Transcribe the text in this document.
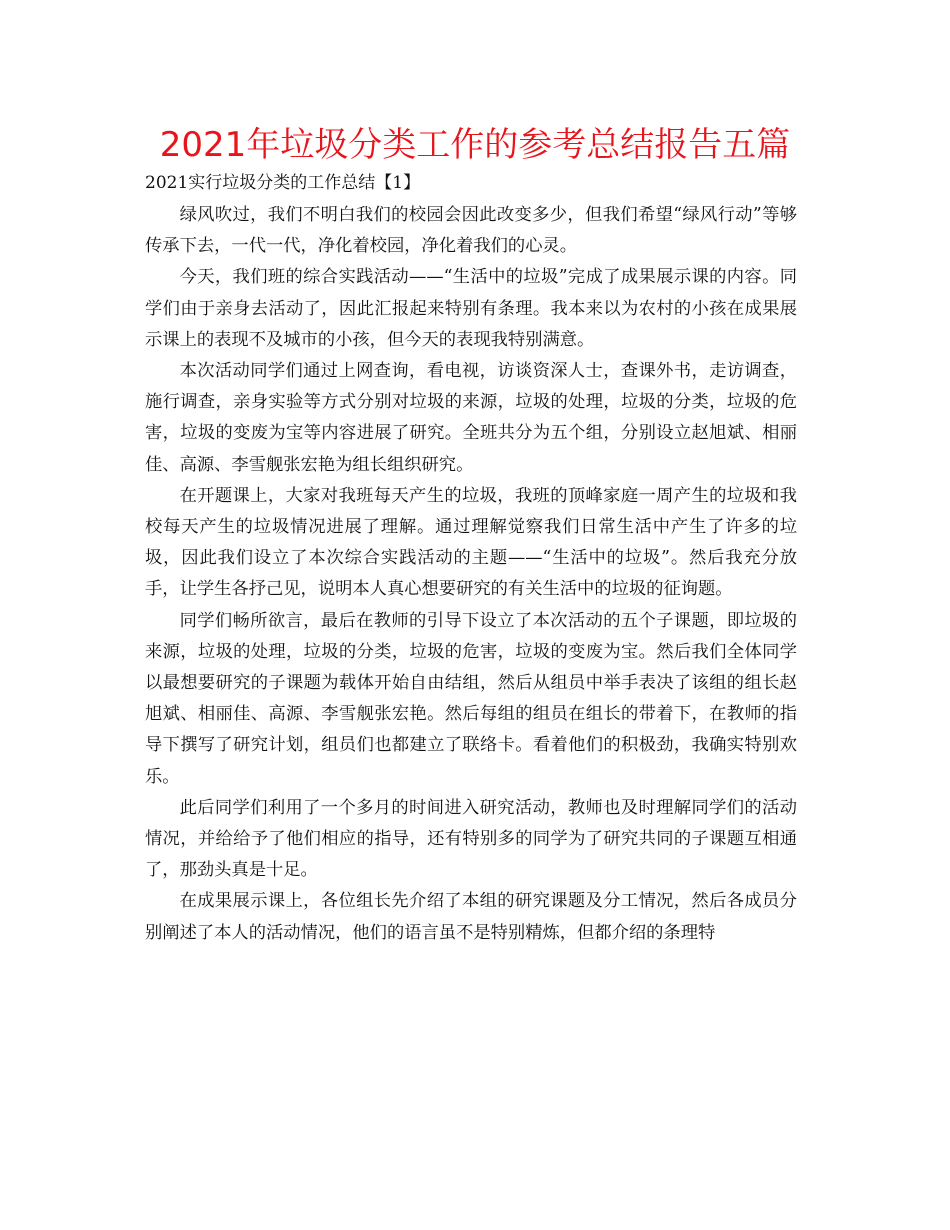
2021年垃圾分类工作的参考总结报告五篇
2021实行垃圾分类的工作总结【1】

绿风吹过，我们不明白我们的校园会因此改变多少，但我们希望“绿风行动”等够传承下去，一代一代，净化着校园，净化着我们的心灵。

今天，我们班的综合实践活动——“生活中的垃圾”完成了成果展示课的内容。同学们由于亲身去活动了，因此汇报起来特别有条理。我本来以为农村的小孩在成果展示课上的表现不及城市的小孩，但今天的表现我特别满意。

本次活动同学们通过上网查询，看电视，访谈资深人士，查课外书，走访调查，施行调查，亲身实验等方式分别对垃圾的来源，垃圾的处理，垃圾的分类，垃圾的危害，垃圾的变废为宝等内容进展了研究。全班共分为五个组，分别设立赵旭斌、相丽佳、高源、李雪舰张宏艳为组长组织研究。

在开题课上，大家对我班每天产生的垃圾，我班的顶峰家庭一周产生的垃圾和我校每天产生的垃圾情况进展了理解。通过理解觉察我们日常生活中产生了许多的垃圾，因此我们设立了本次综合实践活动的主题——“生活中的垃圾”。然后我充分放手，让学生各抒己见，说明本人真心想要研究的有关生活中的垃圾的征询题。

同学们畅所欲言，最后在教师的引导下设立了本次活动的五个子课题，即垃圾的来源，垃圾的处理，垃圾的分类，垃圾的危害，垃圾的变废为宝。然后我们全体同学以最想要研究的子课题为载体开始自由结组，然后从组员中举手表决了该组的组长赵旭斌、相丽佳、高源、李雪舰张宏艳。然后每组的组员在组长的带着下，在教师的指导下撰写了研究计划，组员们也都建立了联络卡。看着他们的积极劲，我确实特别欢乐。

此后同学们利用了一个多月的时间进入研究活动，教师也及时理解同学们的活动情况，并给给予了他们相应的指导，还有特别多的同学为了研究共同的子课题互相通了，那劲头真是十足。

在成果展示课上，各位组长先介绍了本组的研究课题及分工情况，然后各成员分别阐述了本人的活动情况，他们的语言虽不是特别精炼，但都介绍的条理特
